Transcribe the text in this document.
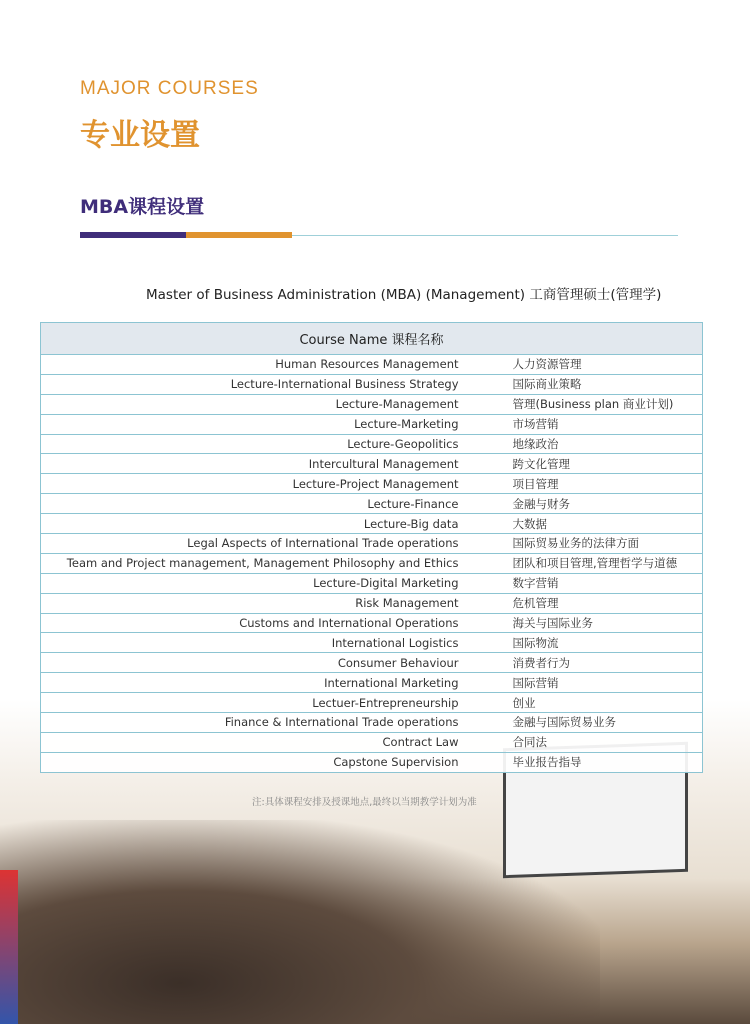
MAJOR COURSES
专业设置
MBA课程设置
Master of Business Administration (MBA) (Management) 工商管理硕士(管理学)
Course Name 课程名称	
Human Resources Management	人力资源管理
Lecture-International Business Strategy	国际商业策略
Lecture-Management	管理(Business plan 商业计划)
Lecture-Marketing	市场营销
Lecture-Geopolitics	地缘政治
Intercultural Management	跨文化管理
Lecture-Project Management	项目管理
Lecture-Finance	金融与财务
Lecture-Big data	大数据
Legal Aspects of International Trade operations	国际贸易业务的法律方面
Team and Project management, Management Philosophy and Ethics	团队和项目管理,管理哲学与道德
Lecture-Digital Marketing	数字营销
Risk Management	危机管理
Customs and International Operations	海关与国际业务
International Logistics	国际物流
Consumer Behaviour	消费者行为
International Marketing	国际营销
Lectuer-Entrepreneurship	创业
Finance & International Trade operations	金融与国际贸易业务
Contract Law	合同法
Capstone Supervision	毕业报告指导
注:具体课程安排及授课地点,最终以当期教学计划为准
